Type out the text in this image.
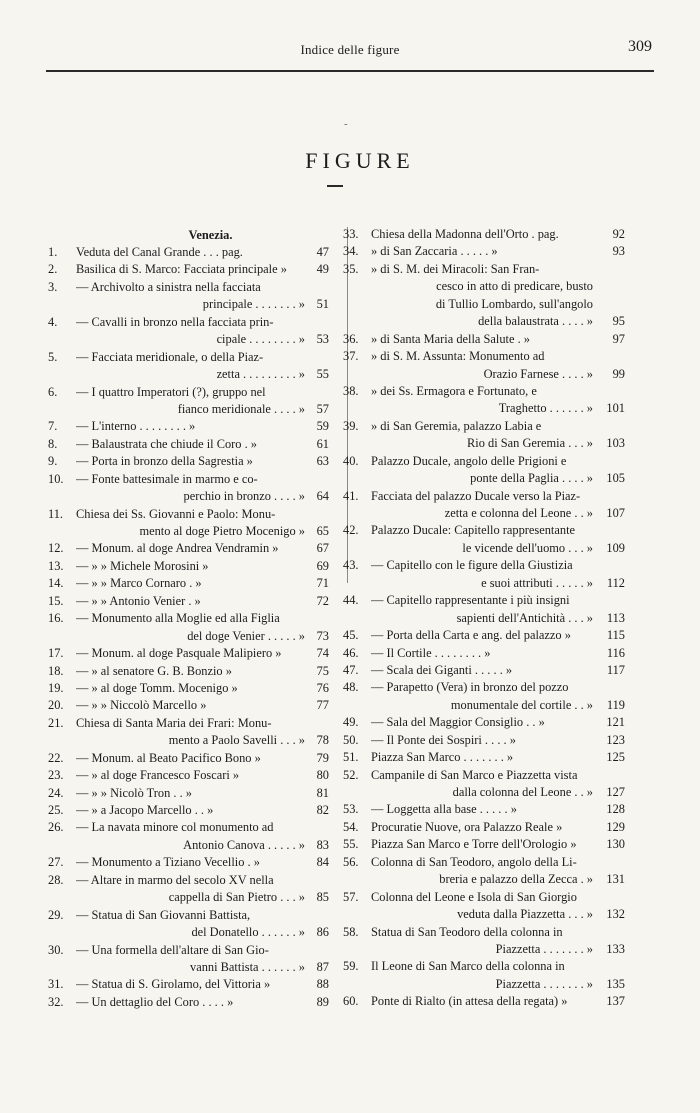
Indice delle figure	309
-
FIGURE
Venezia.
1. Veduta del Canal Grande . . . pag.	47
2. Basilica di S. Marco: Facciata principale »	49
3. — Archivolto a sinistra nella facciata
principale . . . . . . . » 51
4. — Cavalli in bronzo nella facciata prin-
cipale . . . . . . . . » 53
5. — Facciata meridionale, o della Piaz-
zetta . . . . . . . . . » 55
6. — I quattro Imperatori (?), gruppo nel
fianco meridionale . . . . » 57
7. — L'interno . . . . . . . . »	59
8. — Balaustrata che chiude il Coro . »	61
9. — Porta in bronzo della Sagrestia »	63
10. — Fonte battesimale in marmo e co-
perchio in bronzo . . . . » 64
11. Chiesa dei Ss. Giovanni e Paolo: Monu-
mento al doge Pietro Mocenigo » 65
12. — Monum. al doge Andrea Vendramin »	67
13. — » » Michele Morosini »	69
14. — » » Marco Cornaro . »	71
15. — » » Antonio Venier . »	72
16. — Monumento alla Moglie ed alla Figlia
del doge Venier . . . . . » 73
17. — Monum. al doge Pasquale Malipiero »	74
18. — » al senatore G. B. Bonzio »	75
19. — » al doge Tomm. Mocenigo »	76
20. — » » Niccolò Marcello »	77
21. Chiesa di Santa Maria dei Frari: Monu-
mento a Paolo Savelli . . . » 78
22. — Monum. al Beato Pacifico Bono »	79
23. — » al doge Francesco Foscari »	80
24. — » » Nicolò Tron . . »	81
25. — » a Jacopo Marcello . . »	82
26. — La navata minore col monumento ad
Antonio Canova . . . . . » 83
27. — Monumento a Tiziano Vecellio . »	84
28. — Altare in marmo del secolo XV nella
cappella di San Pietro . . . » 85
29. — Statua di San Giovanni Battista,
del Donatello . . . . . . » 86
30. — Una formella dell'altare di San Gio-
vanni Battista . . . . . . » 87
31. — Statua di S. Girolamo, del Vittoria »	88
32. — Un dettaglio del Coro . . . . »	89
33. Chiesa della Madonna dell'Orto . pag.	92
34. » di San Zaccaria . . . . . »	93
35. » di S. M. dei Miracoli: San Fran-
cesco in atto di predicare, busto
di Tullio Lombardo, sull'angolo
della balaustrata . . . . »	95
36. » di Santa Maria della Salute . »	97
37. » di S. M. Assunta: Monumento ad
Orazio Farnese . . . . »	99
38. » dei Ss. Ermagora e Fortunato, e
Traghetto . . . . . . »	101
39. » di San Geremia, palazzo Labia e
Rio di San Geremia . . . »	103
40. Palazzo Ducale, angolo delle Prigioni e
ponte della Paglia . . . . »	105
41. Facciata del palazzo Ducale verso la Piaz-
zetta e colonna del Leone . . »	107
42. Palazzo Ducale: Capitello rappresentante
le vicende dell'uomo . . . »	109
43. — Capitello con le figure della Giustizia
e suoi attributi . . . . . »	112
44. — Capitello rappresentante i più insigni
sapienti dell'Antichità . . . »	113
45. — Porta della Carta e ang. del palazzo »	115
46. — Il Cortile . . . . . . . . »	116
47. — Scala dei Giganti . . . . . »	117
48. — Parapetto (Vera) in bronzo del pozzo
monumentale del cortile . . »	119
49. — Sala del Maggior Consiglio . . »	121
50. — Il Ponte dei Sospiri . . . . »	123
51. Piazza San Marco . . . . . . . »	125
52. Campanile di San Marco e Piazzetta vista
dalla colonna del Leone . . »	127
53. — Loggetta alla base . . . . . »	128
54. Procuratie Nuove, ora Palazzo Reale »	129
55. Piazza San Marco e Torre dell'Orologio »	130
56. Colonna di San Teodoro, angolo della Li-
breria e palazzo della Zecca . »	131
57. Colonna del Leone e Isola di San Giorgio
veduta dalla Piazzetta . . . »	132
58. Statua di San Teodoro della colonna in
Piazzetta . . . . . . . »	133
59. Il Leone di San Marco della colonna in
Piazzetta . . . . . . . »	135
60. Ponte di Rialto (in attesa della regata) »	137
